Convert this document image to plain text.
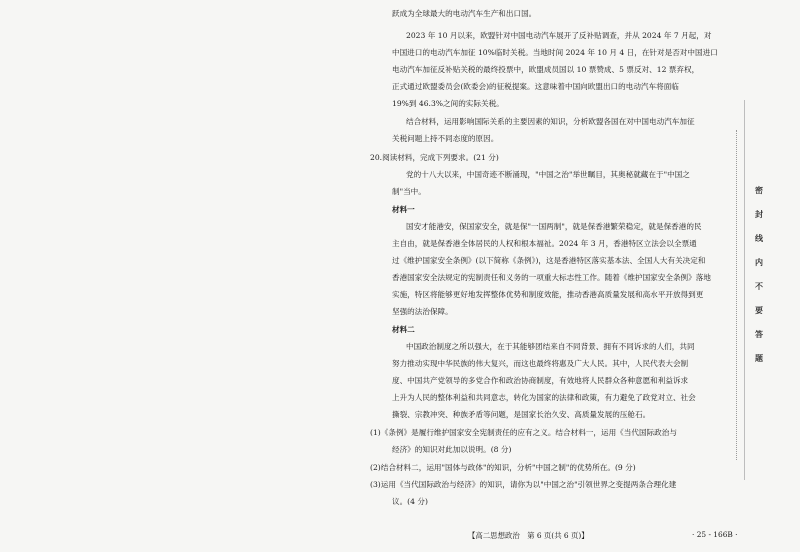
跃成为全球最大的电动汽车生产和出口国。
2023 年 10 月以来，欧盟针对中国电动汽车展开了反补贴调查，并从 2024 年 7 月起，对
中国进口的电动汽车加征 10%临时关税。当地时间 2024 年 10 月 4 日，在针对是否对中国进口
电动汽车加征反补贴关税的最终投票中，欧盟成员国以 10 票赞成、5 票反对、12 票弃权，
正式通过欧盟委员会(欧委会)的征税提案。这意味着中国向欧盟出口的电动汽车将面临
19%到 46.3%之间的实际关税。
结合材料，运用影响国际关系的主要因素的知识，分析欧盟各国在对中国电动汽车加征
关税问题上持不同态度的原因。
20.阅读材料，完成下列要求。(21 分)
党的十八大以来，中国奇迹不断涌现，"中国之治"举世瞩目，其奥秘就藏在于"中国之
制"当中。
材料一
国安才能港安，保国家安全，就是保"一国两制"，就是保香港繁荣稳定，就是保香港的民
主自由，就是保香港全体居民的人权和根本福祉。2024 年 3 月，香港特区立法会以全票通
过《维护国家安全条例》(以下简称《条例》)，这是香港特区落实基本法、全国人大有关决定和
香港国家安全法规定的宪制责任和义务的一项重大标志性工作。随着《维护国家安全条例》落地
实施，特区将能够更好地发挥整体优势和制度效能，推动香港高质量发展和高水平开放得到更
坚强的法治保障。
材料二
中国政治制度之所以强大，在于其能够团结来自不同背景、拥有不同诉求的人们，共同
努力推动实现中华民族的伟大复兴，而这也最终将惠及广大人民。其中，人民代表大会制
度、中国共产党领导的多党合作和政治协商制度，有效地将人民群众各种意愿和利益诉求
上升为人民的整体利益和共同意志，转化为国家的法律和政策，有力避免了政党对立、社会
撕裂、宗教冲突、种族矛盾等问题，是国家长治久安、高质量发展的压舱石。
(1)《条例》是履行维护国家安全宪制责任的应有之义。结合材料一，运用《当代国际政治与
经济》的知识对此加以说明。(8 分)
(2)结合材料二，运用"国体与政体"的知识，分析"中国之制"的优势所在。(9 分)
(3)运用《当代国际政治与经济》的知识，请你为以"中国之治"引领世界之变提两条合理化建
议。(4 分)
【高二思想政治　第 6 页(共 6 页)】	· 25 - 166B ·
密
封
线
内
不
要
答
题
